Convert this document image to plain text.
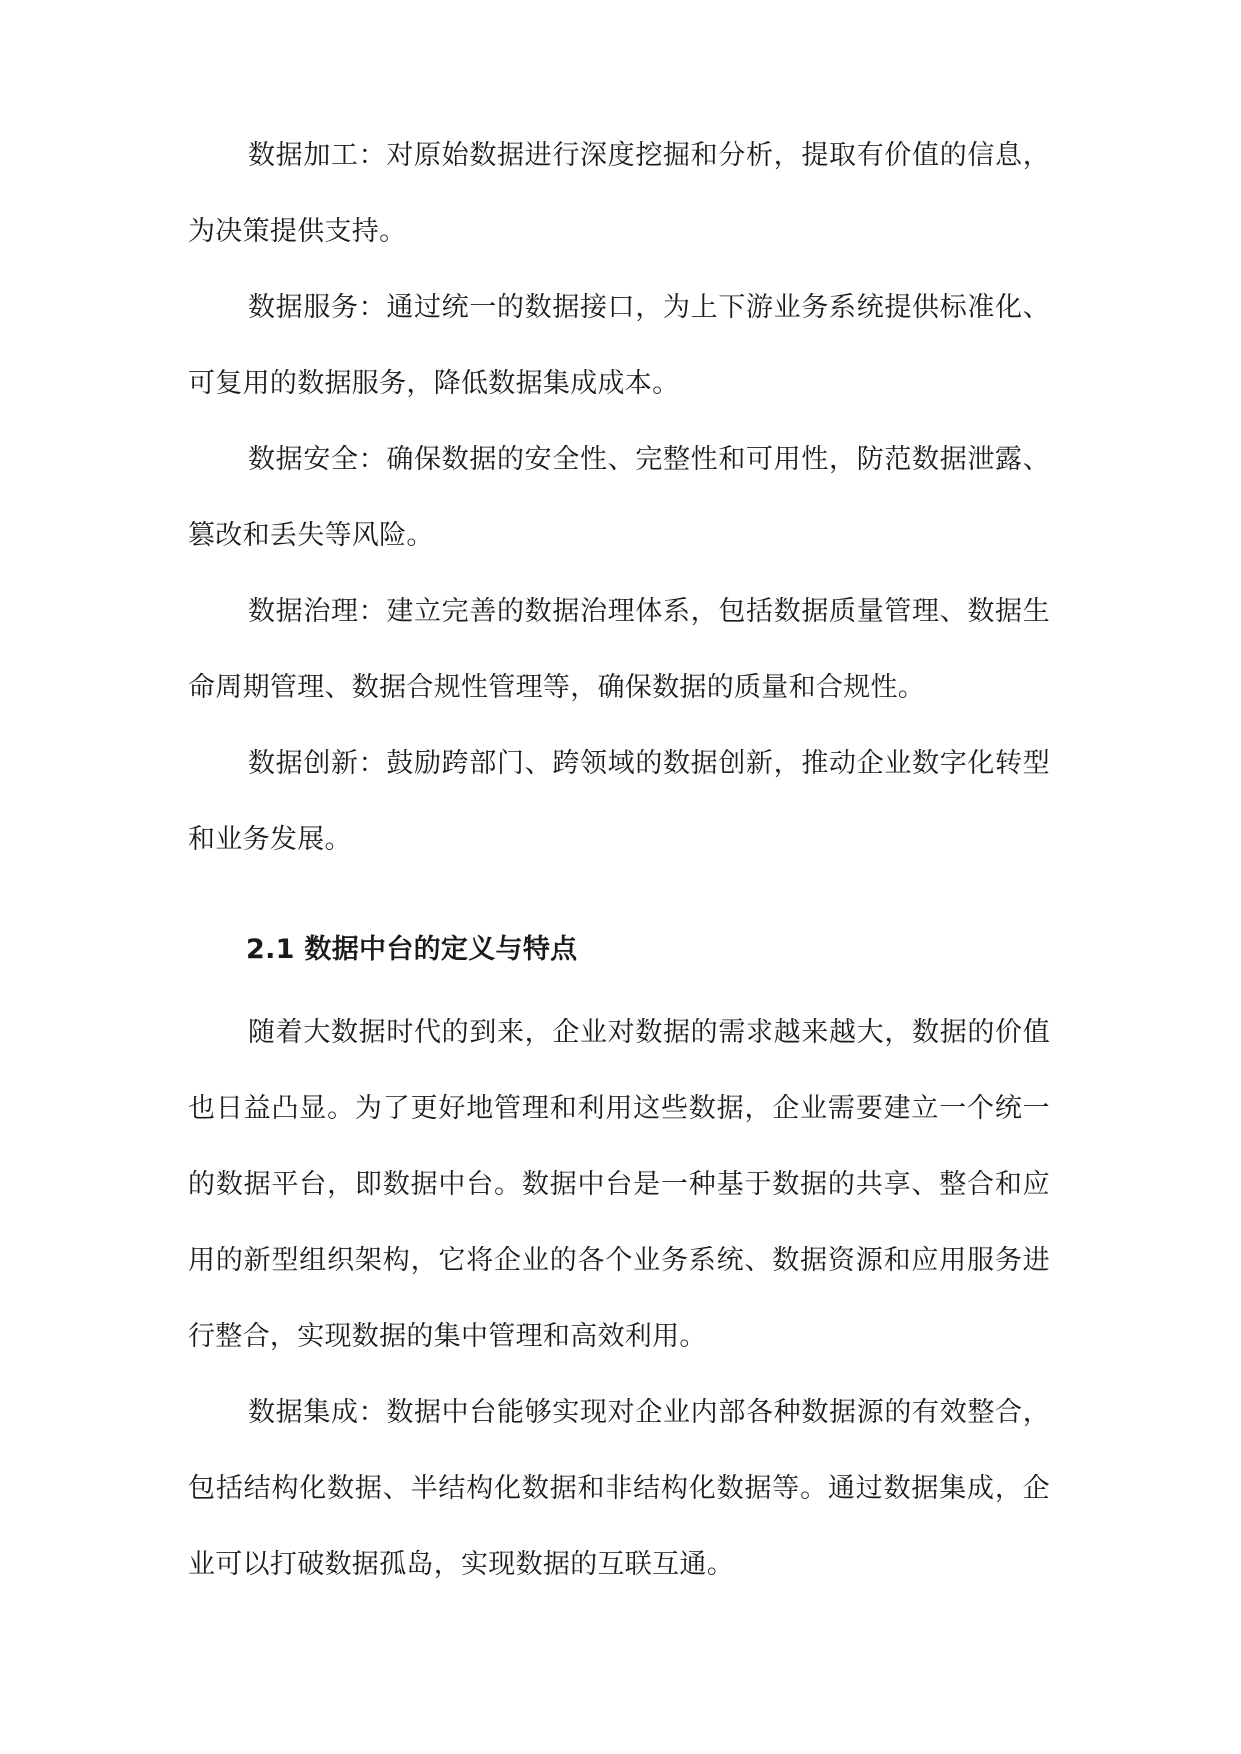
数据加工：对原始数据进行深度挖掘和分析，提取有价值的信息，为决策提供支持。

数据服务：通过统一的数据接口，为上下游业务系统提供标准化、可复用的数据服务，降低数据集成成本。

数据安全：确保数据的安全性、完整性和可用性，防范数据泄露、篡改和丢失等风险。

数据治理：建立完善的数据治理体系，包括数据质量管理、数据生命周期管理、数据合规性管理等，确保数据的质量和合规性。

数据创新：鼓励跨部门、跨领域的数据创新，推动企业数字化转型和业务发展。

2.1 数据中台的定义与特点

随着大数据时代的到来，企业对数据的需求越来越大，数据的价值也日益凸显。为了更好地管理和利用这些数据，企业需要建立一个统一的数据平台，即数据中台。数据中台是一种基于数据的共享、整合和应用的新型组织架构，它将企业的各个业务系统、数据资源和应用服务进行整合，实现数据的集中管理和高效利用。

数据集成：数据中台能够实现对企业内部各种数据源的有效整合，包括结构化数据、半结构化数据和非结构化数据等。通过数据集成，企业可以打破数据孤岛，实现数据的互联互通。
